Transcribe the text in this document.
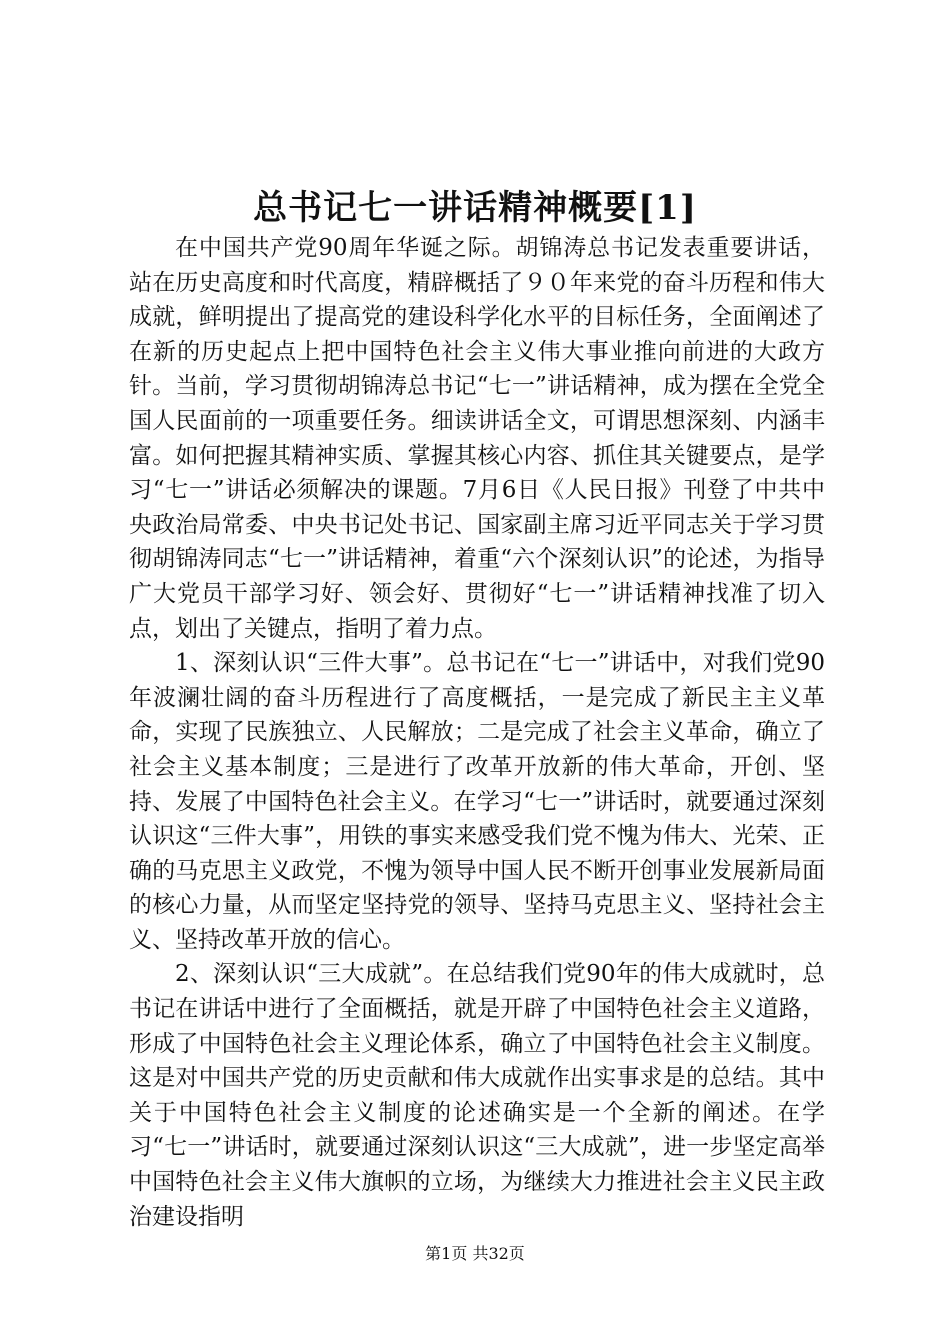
总书记七一讲话精神概要[1]

在中国共产党90周年华诞之际。胡锦涛总书记发表重要讲话，站在历史高度和时代高度，精辟概括了９０年来党的奋斗历程和伟大成就，鲜明提出了提高党的建设科学化水平的目标任务，全面阐述了在新的历史起点上把中国特色社会主义伟大事业推向前进的大政方针。当前，学习贯彻胡锦涛总书记“七一”讲话精神，成为摆在全党全国人民面前的一项重要任务。细读讲话全文，可谓思想深刻、内涵丰富。如何把握其精神实质、掌握其核心内容、抓住其关键要点，是学习“七一”讲话必须解决的课题。7月6日《人民日报》刊登了中共中央政治局常委、中央书记处书记、国家副主席习近平同志关于学习贯彻胡锦涛同志“七一”讲话精神，着重“六个深刻认识”的论述，为指导广大党员干部学习好、领会好、贯彻好“七一”讲话精神找准了切入点，划出了关键点，指明了着力点。

1、深刻认识“三件大事”。总书记在“七一”讲话中，对我们党90年波澜壮阔的奋斗历程进行了高度概括，一是完成了新民主主义革命，实现了民族独立、人民解放；二是完成了社会主义革命，确立了社会主义基本制度；三是进行了改革开放新的伟大革命，开创、坚持、发展了中国特色社会主义。在学习“七一”讲话时，就要通过深刻认识这“三件大事”，用铁的事实来感受我们党不愧为伟大、光荣、正确的马克思主义政党，不愧为领导中国人民不断开创事业发展新局面的核心力量，从而坚定坚持党的领导、坚持马克思主义、坚持社会主义、坚持改革开放的信心。

2、深刻认识“三大成就”。在总结我们党90年的伟大成就时，总书记在讲话中进行了全面概括，就是开辟了中国特色社会主义道路，形成了中国特色社会主义理论体系，确立了中国特色社会主义制度。这是对中国共产党的历史贡献和伟大成就作出实事求是的总结。其中关于中国特色社会主义制度的论述确实是一个全新的阐述。在学习“七一”讲话时，就要通过深刻认识这“三大成就”，进一步坚定高举中国特色社会主义伟大旗帜的立场，为继续大力推进社会主义民主政治建设指明

第1页 共32页
